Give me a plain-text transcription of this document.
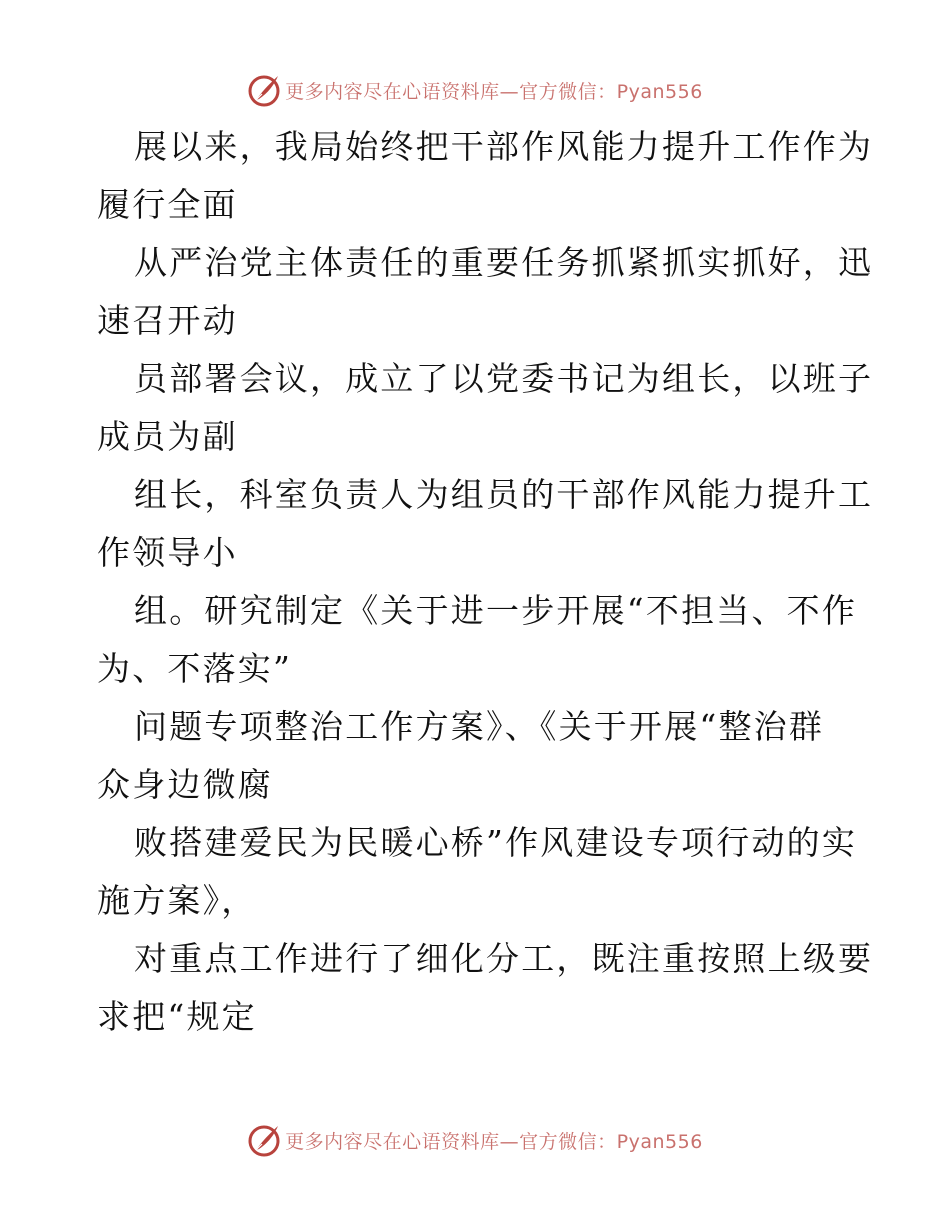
更多内容尽在心语资料库—官方微信：Pyan556
展以来，我局始终把干部作风能力提升工作作为
履行全面
从严治党主体责任的重要任务抓紧抓实抓好，迅
速召开动
员部署会议，成立了以党委书记为组长，以班子
成员为副
组长，科室负责人为组员的干部作风能力提升工
作领导小
组。研究制定《关于进一步开展“不担当、不作
为、不落实”
问题专项整治工作方案》、《关于开展“整治群
众身边微腐
败搭建爱民为民暖心桥”作风建设专项行动的实
施方案》，
对重点工作进行了细化分工，既注重按照上级要
求把“规定
更多内容尽在心语资料库—官方微信：Pyan556
